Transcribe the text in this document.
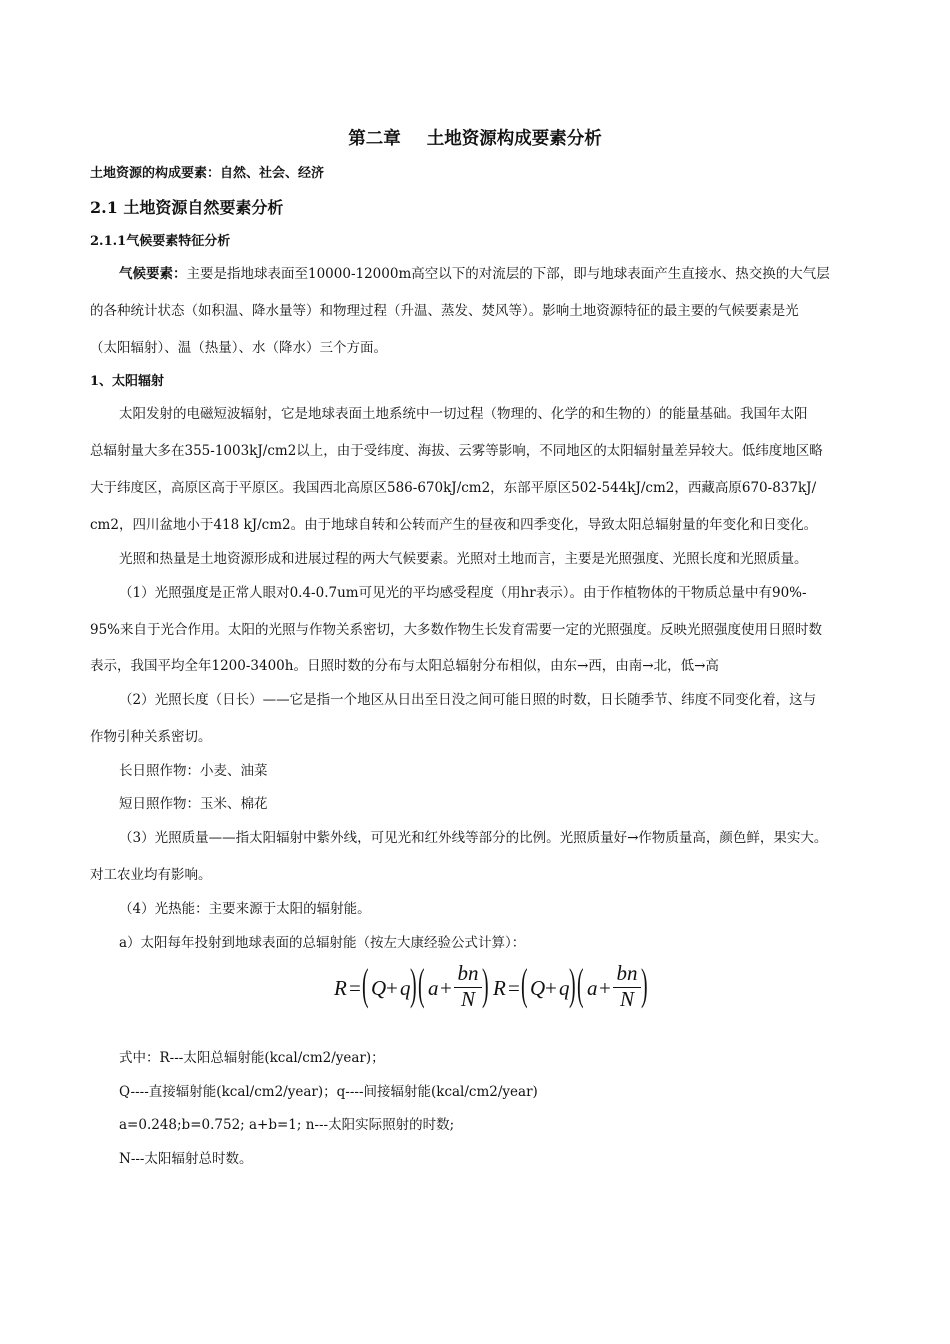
第二章 土地资源构成要素分析
土地资源的构成要素：自然、社会、经济
2.1 土地资源自然要素分析
2.1.1气候要素特征分析
气候要素：主要是指地球表面至10000-12000m高空以下的对流层的下部，即与地球表面产生直接水、热交换的大气层
的各种统计状态（如积温、降水量等）和物理过程（升温、蒸发、焚风等）。影响土地资源特征的最主要的气候要素是光
（太阳辐射）、温（热量）、水（降水）三个方面。
1、太阳辐射
太阳发射的电磁短波辐射，它是地球表面土地系统中一切过程（物理的、化学的和生物的）的能量基础。我国年太阳
总辐射量大多在355-1003kJ/cm2以上，由于受纬度、海拔、云雾等影响，不同地区的太阳辐射量差异较大。低纬度地区略
大于纬度区，高原区高于平原区。我国西北高原区586-670kJ/cm2，东部平原区502-544kJ/cm2，西藏高原670-837kJ/
cm2，四川盆地小于418 kJ/cm2。由于地球自转和公转而产生的昼夜和四季变化，导致太阳总辐射量的年变化和日变化。
光照和热量是土地资源形成和进展过程的两大气候要素。光照对土地而言，主要是光照强度、光照长度和光照质量。
（1）光照强度是正常人眼对0.4-0.7um可见光的平均感受程度（用hr表示）。由于作植物体的干物质总量中有90%-
95%来自于光合作用。太阳的光照与作物关系密切，大多数作物生长发育需要一定的光照强度。反映光照强度使用日照时数
表示，我国平均全年1200-3400h。日照时数的分布与太阳总辐射分布相似，由东→西，由南→北，低→高
（2）光照长度（日长）——它是指一个地区从日出至日没之间可能日照的时数，日长随季节、纬度不同变化着，这与
作物引种关系密切。
长日照作物：小麦、油菜
短日照作物：玉米、棉花
（3）光照质量——指太阳辐射中紫外线，可见光和红外线等部分的比例。光照质量好→作物质量高，颜色鲜，果实大。
对工农业均有影响。
（4）光热能：主要来源于太阳的辐射能。
a）太阳每年投射到地球表面的总辐射能（按左大康经验公式计算）：
R = ( Q + q ) ( a +
bn
N ) R = ( Q + q ) ( a +
bn
N )
式中：R---太阳总辐射能(kcal/cm2/year)；
Q----直接辐射能(kcal/cm2/year)；q----间接辐射能(kcal/cm2/year)
a=0.248;b=0.752; a+b=1; n---太阳实际照射的时数;
N---太阳辐射总时数。
